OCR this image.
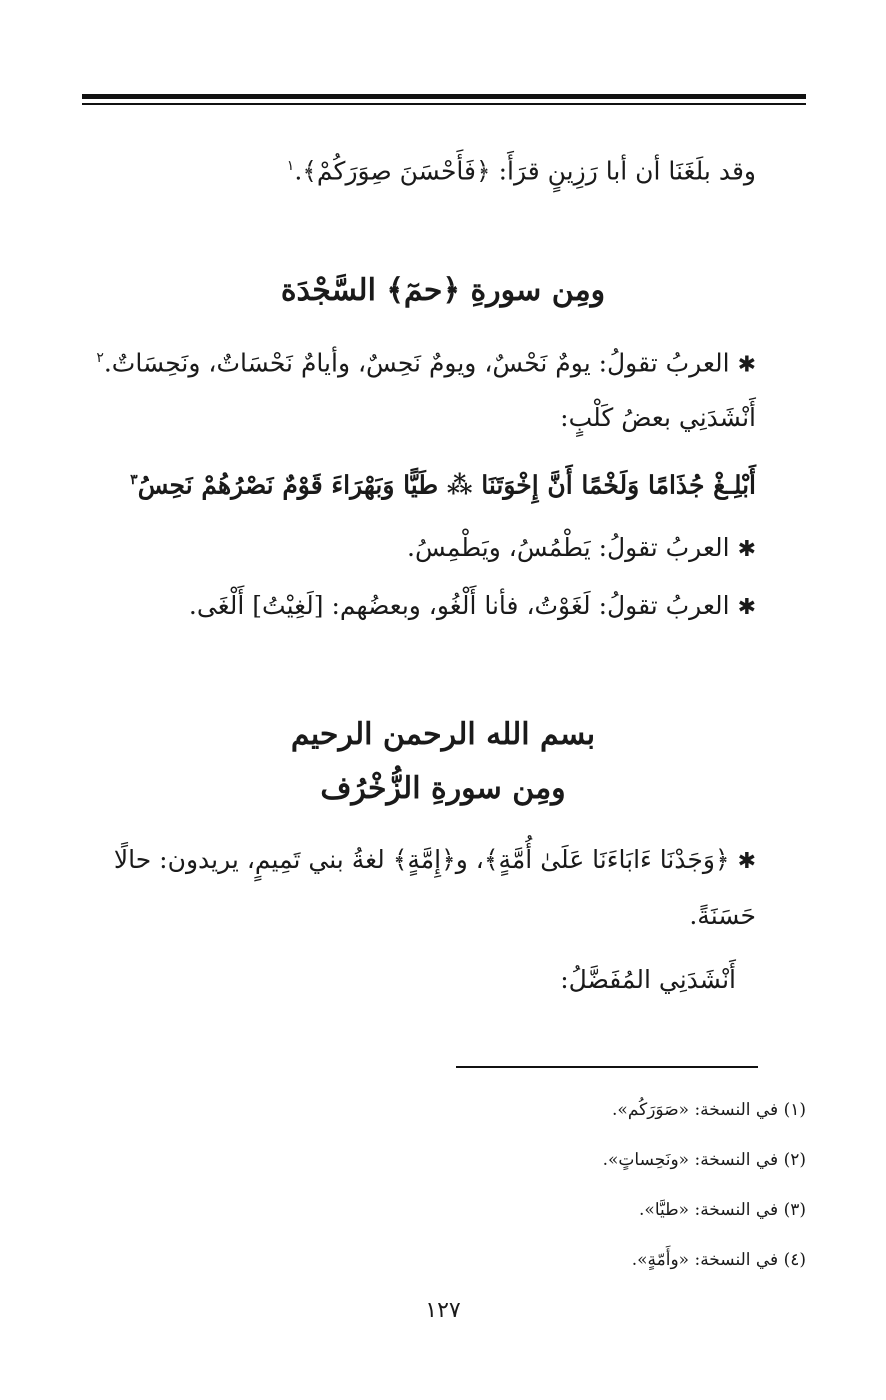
وقد بلَغَنَا أن أبا رَزِينٍ قرَأَ: ﴿فَأَحْسَنَ صِوَرَكُمْ﴾.$^١$
ومِن سورةِ ﴿حمٓ﴾ السَّجْدَة
✱ العربُ تقولُ: يومٌ نَحْسٌ، ويومٌ نَحِسٌ، وأيامٌ نَحْسَاتٌ، ونَحِسَاتٌ.$^٢$
أَنْشَدَنِي بعضُ كَلْبٍ:
أَبْلِـغْ جُذَامًا وَلَخْمًا أَنَّ إِخْوَتَنَا ⁂ طَيًّا وَبَهْرَاءَ قَوْمٌ نَصْرُهُمْ نَحِسُ$^٣$
✱ العربُ تقولُ: يَطْمُسُ، ويَطْمِسُ.
✱ العربُ تقولُ: لَغَوْتُ، فأنا أَلْغُو، وبعضُهم: [لَغِيْتُ] أَلْغَى.
بسم الله الرحمن الرحيم
ومِن سورةِ الزُّخْرُف
✱ ﴿وَجَدْنَا ءَابَاءَنَا عَلَىٰ أُمَّةٍ﴾، و﴿إِمَّةٍ﴾ لغةُ بني تَمِيمٍ، يريدون: حالًا
حَسَنَةً.
أَنْشَدَنِي المُفَضَّلُ:
(١) في النسخة: «صَوَرَكُم».
(٢) في النسخة: «ونَحِساتٍ».
(٣) في النسخة: «طيَّا».
(٤) في النسخة: «وأَمّةٍ».
١٢٧
